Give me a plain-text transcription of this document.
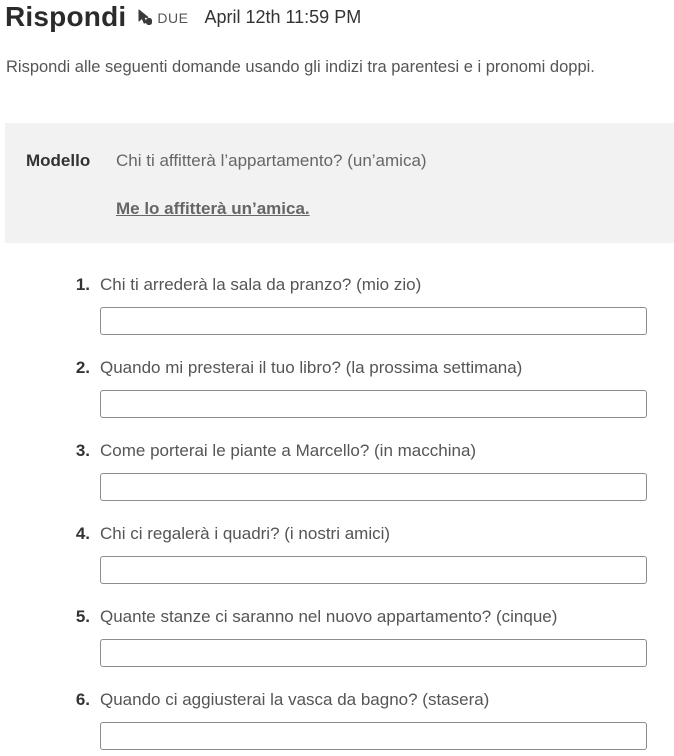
Rispondi DUE April 12th 11:59 PM
Rispondi alle seguenti domande usando gli indizi tra parentesi e i pronomi doppi.
Modello Chi ti affitterà l’appartamento? (un’amica)
Me lo affitterà un’amica.
1. Chi ti arrederà la sala da pranzo? (mio zio)
2. Quando mi presterai il tuo libro? (la prossima settimana)
3. Come porterai le piante a Marcello? (in macchina)
4. Chi ci regalerà i quadri? (i nostri amici)
5. Quante stanze ci saranno nel nuovo appartamento? (cinque)
6. Quando ci aggiusterai la vasca da bagno? (stasera)
